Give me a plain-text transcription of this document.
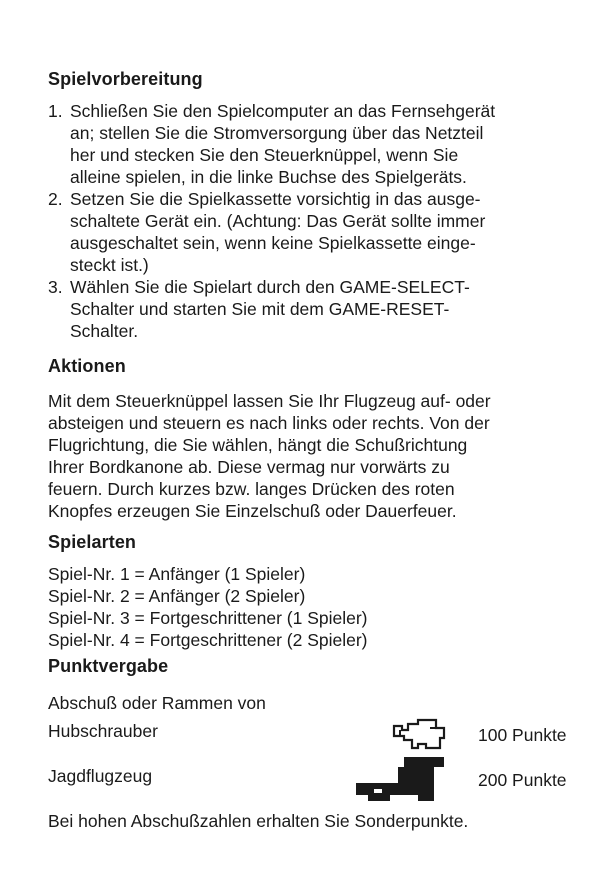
Spielvorbereitung
1. Schließen Sie den Spielcomputer an das Fernsehgerät
an; stellen Sie die Stromversorgung über das Netzteil
her und stecken Sie den Steuerknüppel, wenn Sie
alleine spielen, in die linke Buchse des Spielgeräts.
2. Setzen Sie die Spielkassette vorsichtig in das ausge-
schaltete Gerät ein. (Achtung: Das Gerät sollte immer
ausgeschaltet sein, wenn keine Spielkassette einge-
steckt ist.)
3. Wählen Sie die Spielart durch den GAME-SELECT-
Schalter und starten Sie mit dem GAME-RESET-
Schalter.
Aktionen
Mit dem Steuerknüppel lassen Sie Ihr Flugzeug auf- oder
absteigen und steuern es nach links oder rechts. Von der
Flugrichtung, die Sie wählen, hängt die Schußrichtung
Ihrer Bordkanone ab. Diese vermag nur vorwärts zu
feuern. Durch kurzes bzw. langes Drücken des roten
Knopfes erzeugen Sie Einzelschuß oder Dauerfeuer.
Spielarten
Spiel-Nr. 1 = Anfänger (1 Spieler)
Spiel-Nr. 2 = Anfänger (2 Spieler)
Spiel-Nr. 3 = Fortgeschrittener (1 Spieler)
Spiel-Nr. 4 = Fortgeschrittener (2 Spieler)
Punktvergabe
Abschuß oder Rammen von
Hubschrauber	100 Punkte
Jagdflugzeug	200 Punkte
Bei hohen Abschußzahlen erhalten Sie Sonderpunkte.
